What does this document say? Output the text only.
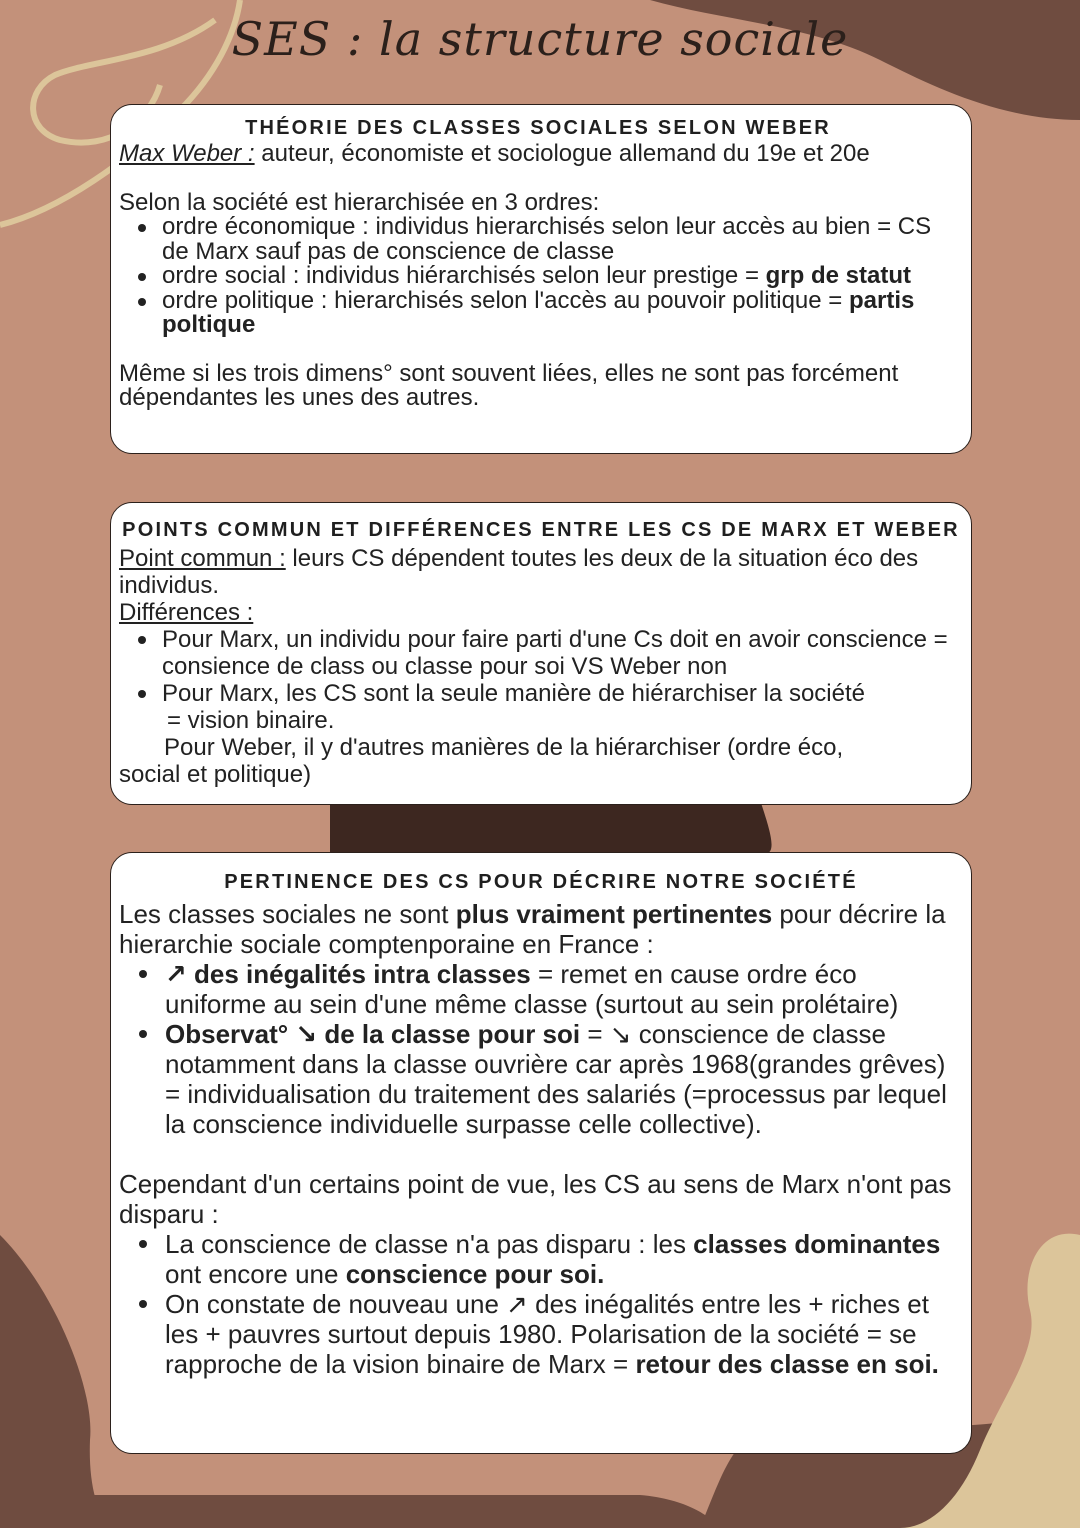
SES : la structure sociale
THÉORIE DES CLASSES SOCIALES SELON WEBER

Max Weber : auteur, économiste et sociologue allemand du 19e et 20e

Selon la société est hierarchisée en 3 ordres:

ordre économique : individus hierarchisés selon leur accès au bien = CS de Marx sauf pas de conscience de classe
ordre social : individus hiérarchisés selon leur prestige = grp de statut
ordre politique : hierarchisés selon l'accès au pouvoir politique = partis poltique

Même si les trois dimens° sont souvent liées, elles ne sont pas forcément dépendantes les unes des autres.

POINTS COMMUN ET DIFFÉRENCES ENTRE LES CS DE MARX ET WEBER

Point commun : leurs CS dépendent toutes les deux de la situation éco des individus.

Différences :

Pour Marx, un individu pour faire parti d'une Cs doit en avoir conscience = consience de class ou classe pour soi VS Weber non
Pour Marx, les CS sont la seule manière de hiérarchiser la société

= vision binaire.

Pour Weber, il y d'autres manières de la hiérarchiser (ordre éco,

social et politique)

PERTINENCE DES CS POUR DÉCRIRE NOTRE SOCIÉTÉ

Les classes sociales ne sont plus vraiment pertinentes pour décrire la hierarchie sociale comptenporaine en France :

↗ des inégalités intra classes = remet en cause ordre éco uniforme au sein d'une même classe (surtout au sein prolétaire)
Observat° ↘ de la classe pour soi = ↘ conscience de classe notamment dans la classe ouvrière car après 1968(grandes grêves) = individualisation du traitement des salariés (=processus par lequel la conscience individuelle surpasse celle collective).

Cependant d'un certains point de vue, les CS au sens de Marx n'ont pas disparu :

La conscience de classe n'a pas disparu : les classes dominantes ont encore une conscience pour soi.
On constate de nouveau une ↗ des inégalités entre les + riches et les + pauvres surtout depuis 1980. Polarisation de la société = se rapproche de la vision binaire de Marx = retour des classe en soi.
